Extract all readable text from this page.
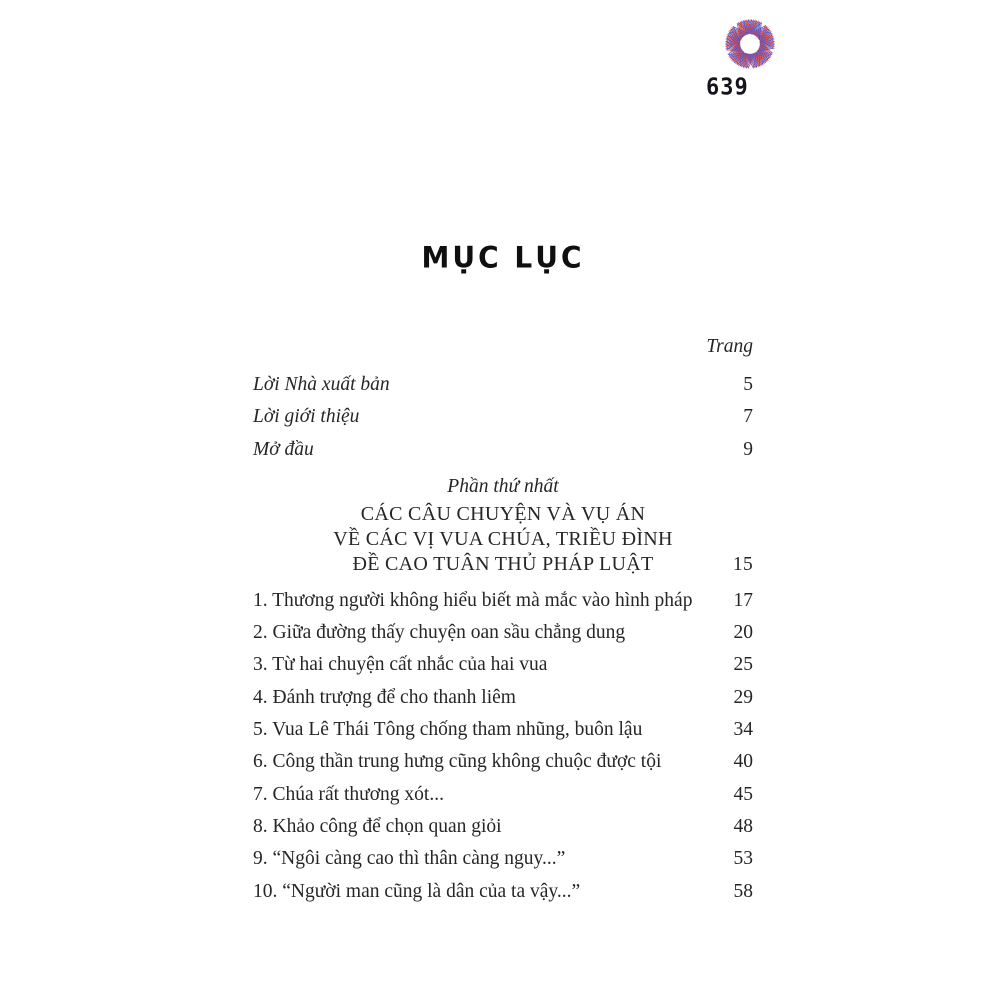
639
MỤC LỤC
Trang
Lời Nhà xuất bản	5
Lời giới thiệu	7
Mở đầu	9
Phần thứ nhất
CÁC CÂU CHUYỆN VÀ VỤ ÁN
VỀ CÁC VỊ VUA CHÚA, TRIỀU ĐÌNH
ĐỀ CAO TUÂN THỦ PHÁP LUẬT	15
1. Thương người không hiểu biết mà mắc vào hình pháp 17
2. Giữa đường thấy chuyện oan sầu chẳng dung	20
3. Từ hai chuyện cất nhắc của hai vua	25
4. Đánh trượng để cho thanh liêm	29
5. Vua Lê Thái Tông chống tham nhũng, buôn lậu	34
6. Công thần trung hưng cũng không chuộc được tội	40
7. Chúa rất thương xót...	45
8. Khảo công để chọn quan giỏi	48
9. “Ngôi càng cao thì thân càng nguy...”	53
10. “Người man cũng là dân của ta vậy...”	58
